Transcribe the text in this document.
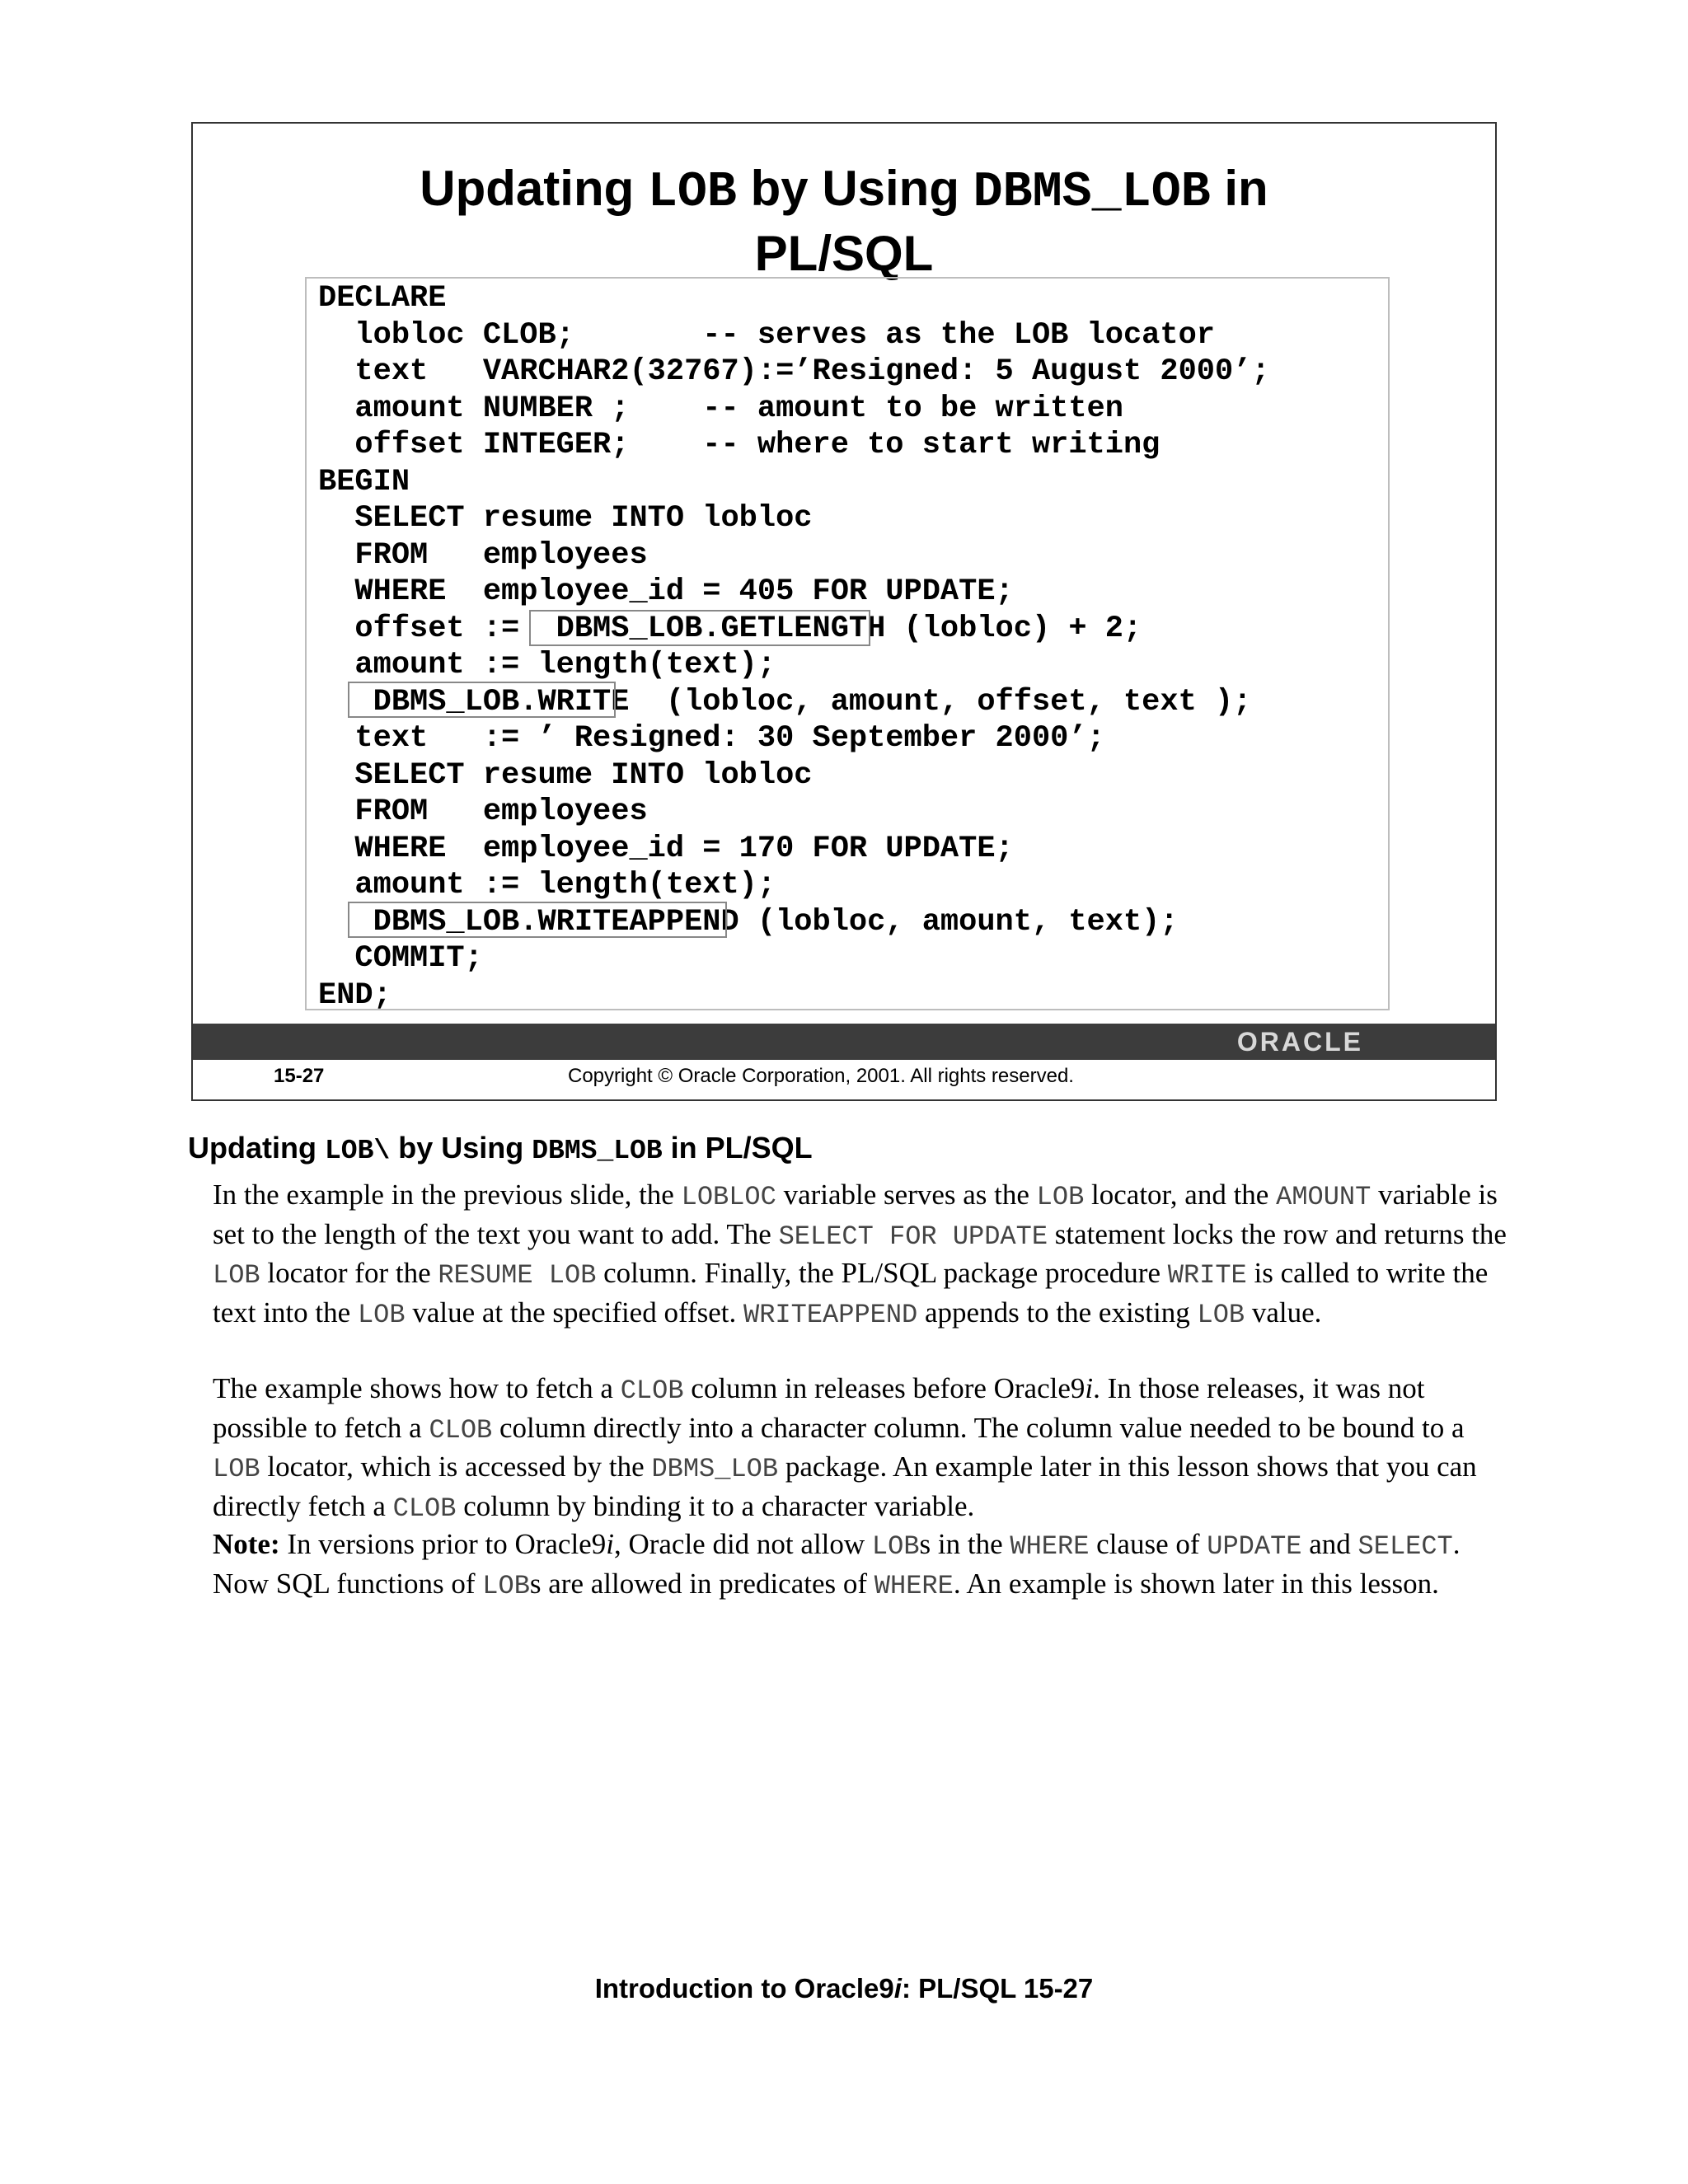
Updating LOB by Using DBMS_LOB in
PL/SQL
DECLARE
lobloc CLOB;       -- serves as the LOB locator
text   VARCHAR2(32767):=’Resigned: 5 August 2000’;
amount NUMBER ;    -- amount to be written
offset INTEGER;    -- where to start writing
BEGIN
SELECT resume INTO lobloc
FROM   employees
WHERE  employee_id = 405 FOR UPDATE;
offset :=  DBMS_LOB.GETLENGTH (lobloc) + 2;
amount := length(text);
DBMS_LOB.WRITE  (lobloc, amount, offset, text );
text   := ’ Resigned: 30 September 2000’;
SELECT resume INTO lobloc
FROM   employees
WHERE  employee_id = 170 FOR UPDATE;
amount := length(text);
DBMS_LOB.WRITEAPPEND (lobloc, amount, text);
COMMIT;
END;
ORACLE
15-27	Copyright © Oracle Corporation, 2001. All rights reserved.
Updating LOB\ by Using DBMS_LOB in PL/SQL
In the example in the previous slide, the LOBLOC variable serves as the LOB locator, and the AMOUNT variable is set to the length of the text you want to add. The SELECT FOR UPDATE statement locks the row and returns the LOB locator for the RESUME LOB column. Finally, the PL/SQL package procedure WRITE is called to write the text into the LOB value at the specified offset. WRITEAPPEND appends to the existing LOB value.
The example shows how to fetch a CLOB column in releases before Oracle9i. In those releases, it was not possible to fetch a CLOB column directly into a character column. The column value needed to be bound to a LOB locator, which is accessed by the DBMS_LOB package. An example later in this lesson shows that you can directly fetch a CLOB column by binding it to a character variable.
Note: In versions prior to Oracle9i, Oracle did not allow LOBs in the WHERE clause of UPDATE and SELECT. Now SQL functions of LOBs are allowed in predicates of WHERE. An example is shown later in this lesson.
Introduction to Oracle9i: PL/SQL 15-27
